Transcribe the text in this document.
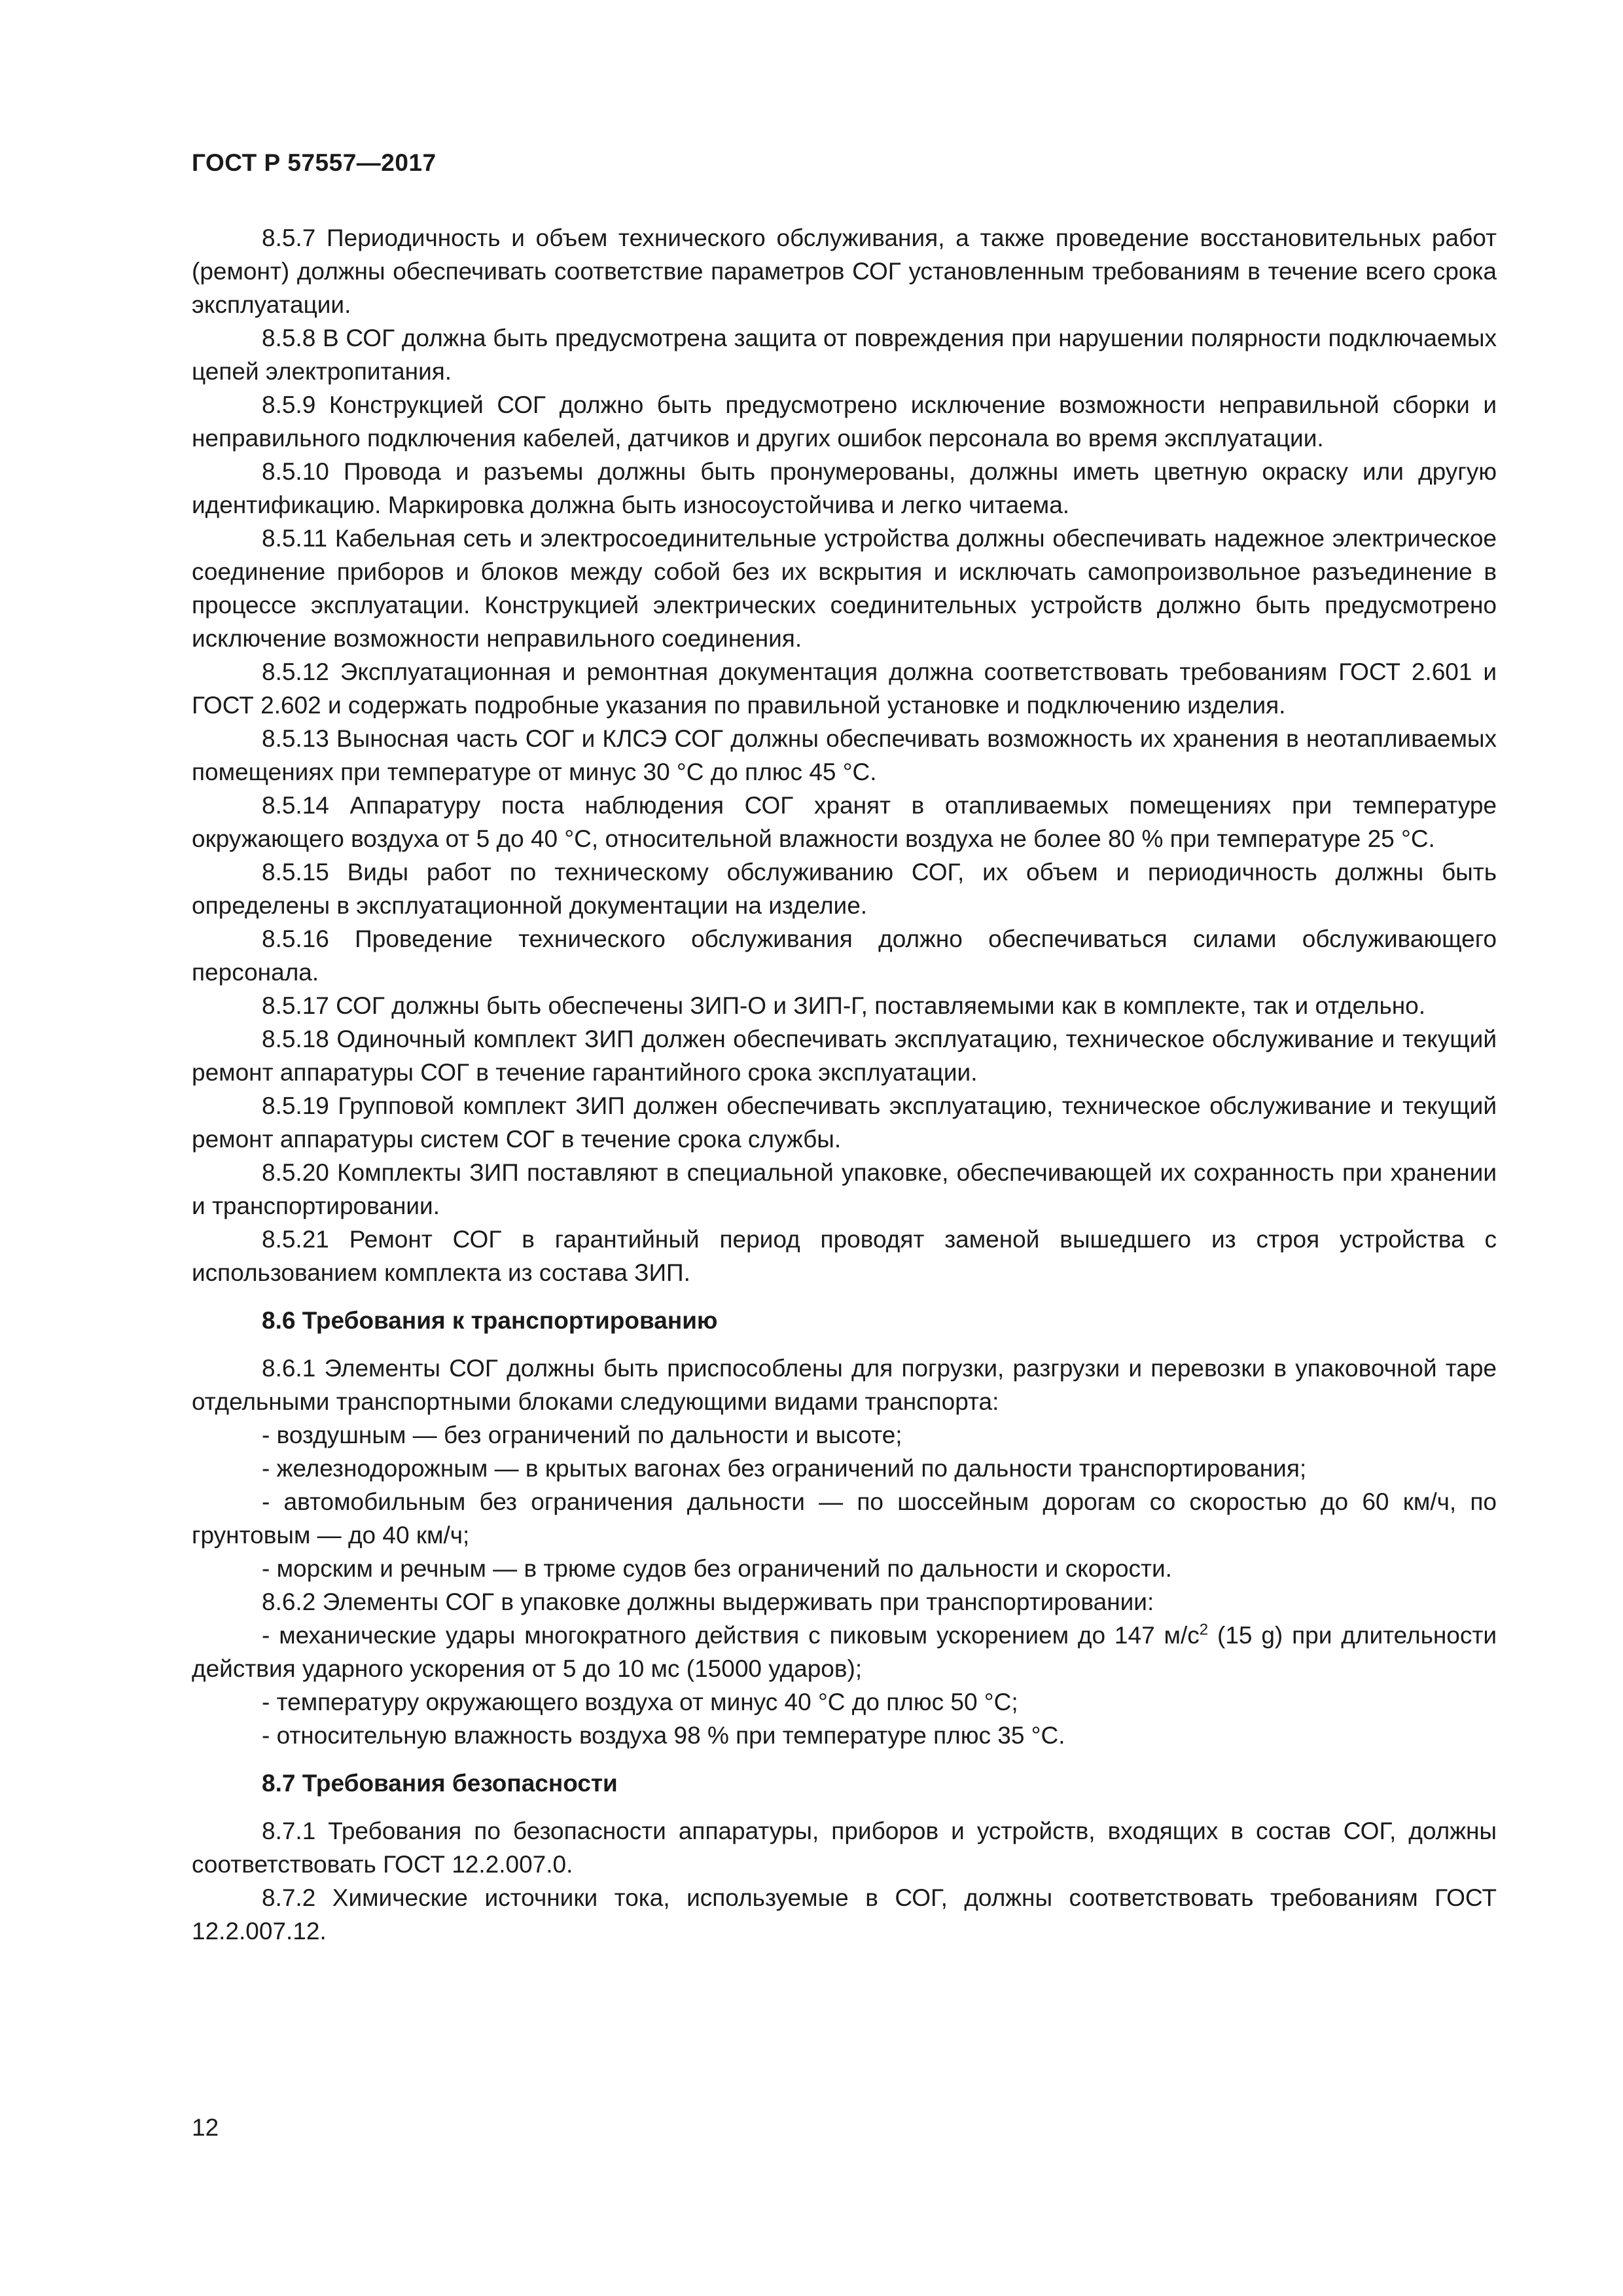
ГОСТ Р 57557—2017

8.5.7 Периодичность и объем технического обслуживания, а также проведение восстановительных работ (ремонт) должны обеспечивать соответствие параметров СОГ установленным требованиям в течение всего срока эксплуатации.

8.5.8 В СОГ должна быть предусмотрена защита от повреждения при нарушении полярности подключаемых цепей электропитания.

8.5.9 Конструкцией СОГ должно быть предусмотрено исключение возможности неправильной сборки и неправильного подключения кабелей, датчиков и других ошибок персонала во время эксплуатации.

8.5.10 Провода и разъемы должны быть пронумерованы, должны иметь цветную окраску или другую идентификацию. Маркировка должна быть износоустойчива и легко читаема.

8.5.11 Кабельная сеть и электросоединительные устройства должны обеспечивать надежное электрическое соединение приборов и блоков между собой без их вскрытия и исключать самопроизвольное разъединение в процессе эксплуатации. Конструкцией электрических соединительных устройств должно быть предусмотрено исключение возможности неправильного соединения.

8.5.12 Эксплуатационная и ремонтная документация должна соответствовать требованиям ГОСТ 2.601 и ГОСТ 2.602 и содержать подробные указания по правильной установке и подключению изделия.

8.5.13 Выносная часть СОГ и КЛСЭ СОГ должны обеспечивать возможность их хранения в неотапливаемых помещениях при температуре от минус 30 °С до плюс 45 °С.

8.5.14 Аппаратуру поста наблюдения СОГ хранят в отапливаемых помещениях при температуре окружающего воздуха от 5 до 40 °С, относительной влажности воздуха не более 80 % при температуре 25 °С.

8.5.15 Виды работ по техническому обслуживанию СОГ, их объем и периодичность должны быть определены в эксплуатационной документации на изделие.

8.5.16 Проведение технического обслуживания должно обеспечиваться силами обслуживающего персонала.

8.5.17 СОГ должны быть обеспечены ЗИП-О и ЗИП-Г, поставляемыми как в комплекте, так и отдельно.

8.5.18 Одиночный комплект ЗИП должен обеспечивать эксплуатацию, техническое обслуживание и текущий ремонт аппаратуры СОГ в течение гарантийного срока эксплуатации.

8.5.19 Групповой комплект ЗИП должен обеспечивать эксплуатацию, техническое обслуживание и текущий ремонт аппаратуры систем СОГ в течение срока службы.

8.5.20 Комплекты ЗИП поставляют в специальной упаковке, обеспечивающей их сохранность при хранении и транспортировании.

8.5.21 Ремонт СОГ в гарантийный период проводят заменой вышедшего из строя устройства с использованием комплекта из состава ЗИП.

8.6 Требования к транспортированию

8.6.1 Элементы СОГ должны быть приспособлены для погрузки, разгрузки и перевозки в упаковочной таре отдельными транспортными блоками следующими видами транспорта:

- воздушным — без ограничений по дальности и высоте;

- железнодорожным — в крытых вагонах без ограничений по дальности транспортирования;

- автомобильным без ограничения дальности — по шоссейным дорогам со скоростью до 60 км/ч, по грунтовым — до 40 км/ч;

- морским и речным — в трюме судов без ограничений по дальности и скорости.

8.6.2 Элементы СОГ в упаковке должны выдерживать при транспортировании:

- механические удары многократного действия с пиковым ускорением до 147 $м/с^2$ (15 g) при длительности действия ударного ускорения от 5 до 10 мс (15000 ударов);

- температуру окружающего воздуха от минус 40 °С до плюс 50 °С;

- относительную влажность воздуха 98 % при температуре плюс 35 °С.

8.7 Требования безопасности

8.7.1 Требования по безопасности аппаратуры, приборов и устройств, входящих в состав СОГ, должны соответствовать ГОСТ 12.2.007.0.

8.7.2 Химические источники тока, используемые в СОГ, должны соответствовать требованиям ГОСТ 12.2.007.12.

12
